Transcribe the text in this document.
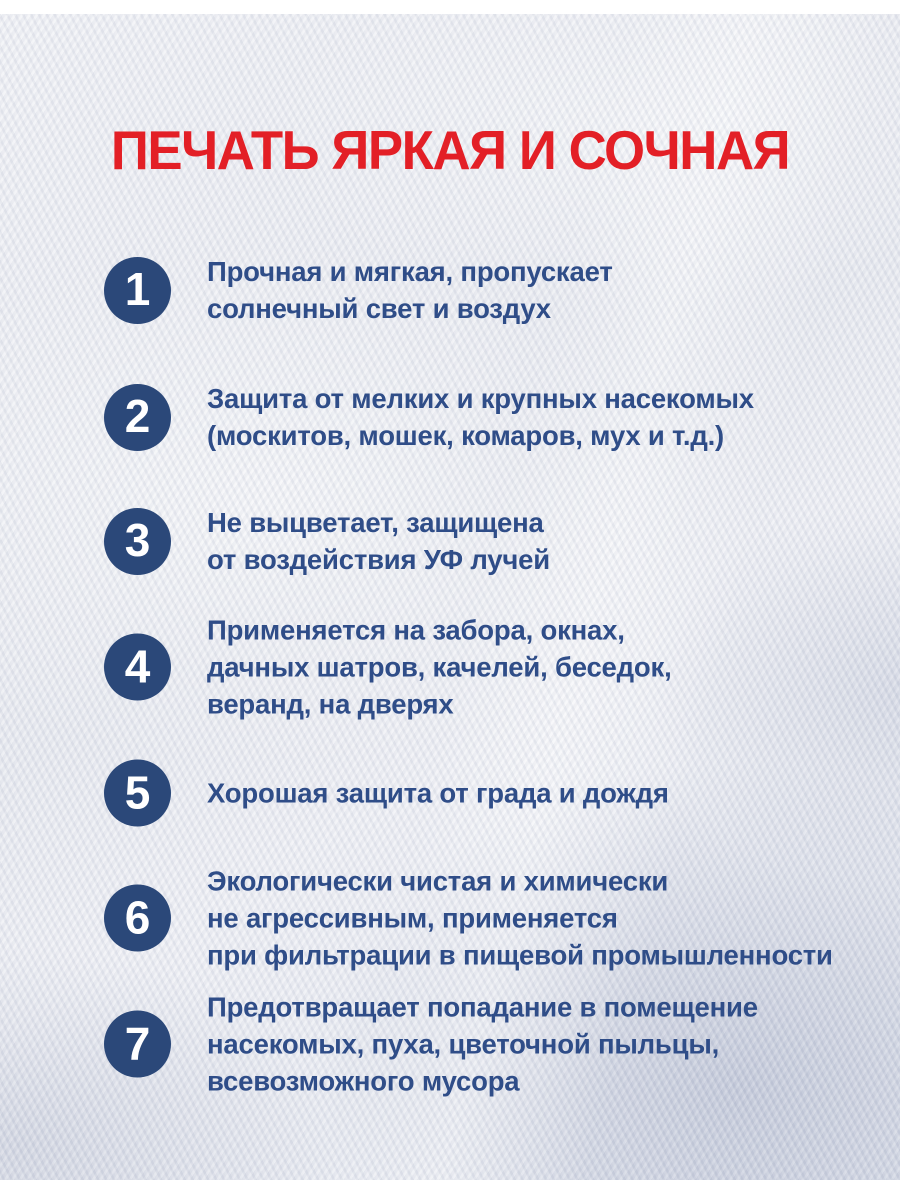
ПЕЧАТЬ ЯРКАЯ И СОЧНАЯ
1 Прочная и мягкая, пропускает
солнечный свет и воздух
2 Защита от мелких и крупных насекомых
(москитов, мошек, комаров, мух и т.д.)
3 Не выцветает, защищена
от воздействия УФ лучей
4
Применяется на забора, окнах,
дачных шатров, качелей, беседок,
веранд, на дверях
5 Хорошая защита от града и дождя
6
Экологически чистая и химически
не агрессивным, применяется
при фильтрации в пищевой промышленности
7
Предотвращает попадание в помещение
насекомых, пуха, цветочной пыльцы,
всевозможного мусора
